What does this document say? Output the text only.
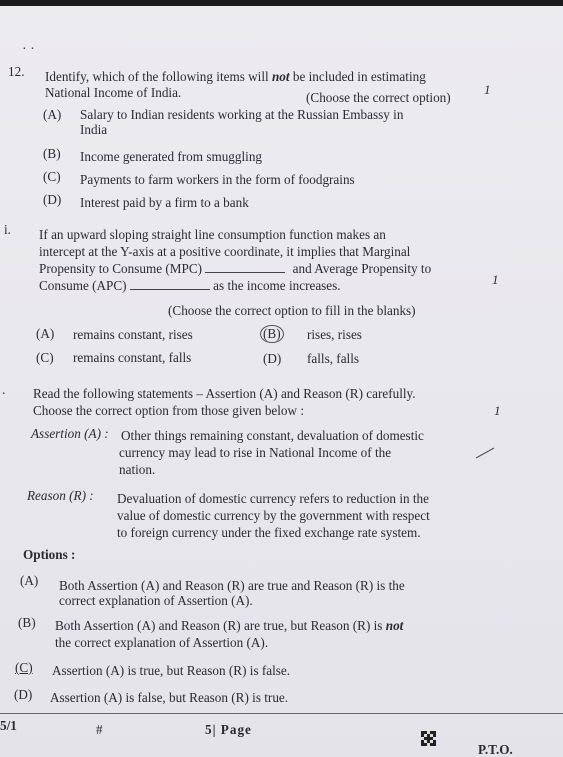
· ·
12. Identify, which of the following items will not be included in estimating
National Income of India.	(Choose the correct option)
1
(A) Salary to Indian residents working at the Russian Embassy in
India
(B) Income generated from smuggling
(C) Payments to farm workers in the form of foodgrains
(D) Interest paid by a firm to a bank
i. If an upward sloping straight line consumption function makes an
intercept at the Y-axis at a positive coordinate, it implies that Marginal
Propensity to Consume (MPC)	and Average Propensity to
Consume (APC)	as the income increases.	1
(Choose the correct option to fill in the blanks)
(A) remains constant, rises	(B) rises, rises
(C) remains constant, falls	(D) falls, falls
. Read the following statements – Assertion (A) and Reason (R) carefully.
Choose the correct option from those given below :	1
Assertion (A) : Other things remaining constant, devaluation of domestic
currency may lead to rise in National Income of the
nation.
Reason (R) : Devaluation of domestic currency refers to reduction in the
value of domestic currency by the government with respect
to foreign currency under the fixed exchange rate system.
Options :
(A) Both Assertion (A) and Reason (R) are true and Reason (R) is the
correct explanation of Assertion (A).
(B) Both Assertion (A) and Reason (R) are true, but Reason (R) is not
the correct explanation of Assertion (A).
(C) Assertion (A) is true, but Reason (R) is false.
(D) Assertion (A) is false, but Reason (R) is true.
5/1	#	5| Page
P.T.O.
